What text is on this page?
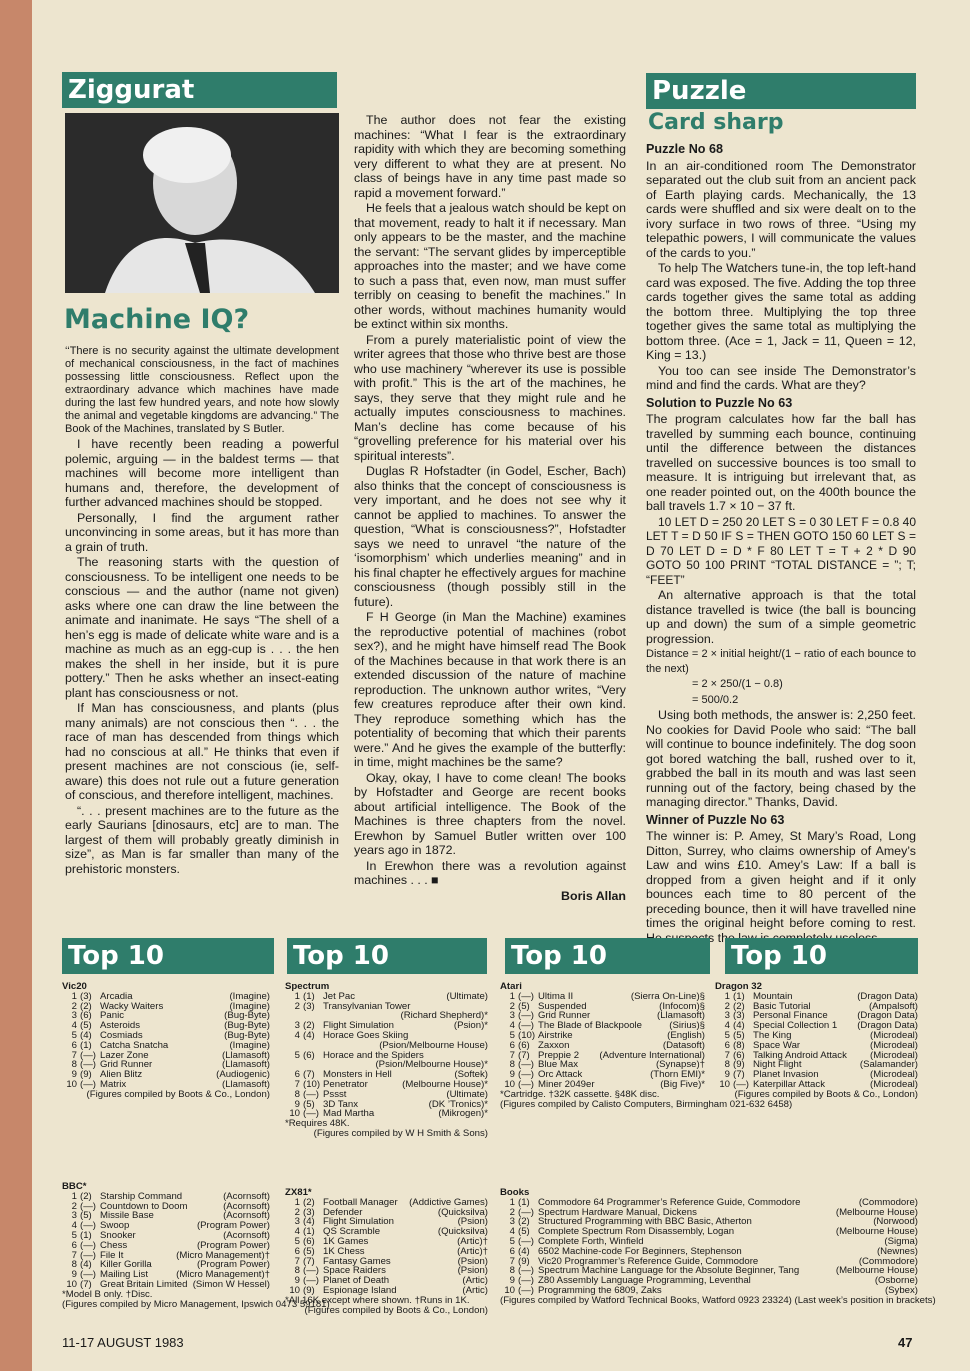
Ziggurat
Machine IQ?

‘‘There is no security against the ultimate development of mechanical consciousness, in the fact of machines possessing little consciousness. Reflect upon the extraordinary advance which machines have made during the last few hundred years, and note how slowly the animal and vegetable kingdoms are advancing.” The Book of the Machines, translated by S Butler.

I have recently been reading a powerful polemic, arguing — in the baldest terms — that machines will become more intelligent than humans and, therefore, the development of further advanced machines should be stopped.

Personally, I find the argument rather unconvincing in some areas, but it has more than a grain of truth.

The reasoning starts with the question of consciousness. To be intelligent one needs to be conscious — and the author (name not given) asks where one can draw the line between the animate and inanimate. He says “The shell of a hen’s egg is made of delicate white ware and is a machine as much as an egg-cup is . . . the hen makes the shell in her inside, but it is pure pottery.” Then he asks whether an insect-eating plant has consciousness or not.

If Man has consciousness, and plants (plus many animals) are not conscious then “. . . the race of man has descended from things which had no conscious at all.” He thinks that even if present machines are not conscious (ie, self-aware) this does not rule out a future generation of conscious, and therefore intelligent, machines.

“. . . present machines are to the future as the early Saurians [dinosaurs, etc] are to man. The largest of them will probably greatly diminish in size”, as Man is far smaller than many of the prehistoric monsters.

The author does not fear the existing machines: “What I fear is the extraordinary rapidity with which they are becoming something very different to what they are at present. No class of beings have in any time past made so rapid a movement forward.”

He feels that a jealous watch should be kept on that movement, ready to halt it if necessary. Man only appears to be the master, and the machine the servant: “The servant glides by imperceptible approaches into the master; and we have come to such a pass that, even now, man must suffer terribly on ceasing to benefit the machines.” In other words, without machines humanity would be extinct within six months.

From a purely materialistic point of view the writer agrees that those who thrive best are those who use machinery “wherever its use is possible with profit.” This is the art of the machines, he says, they serve that they might rule and he actually imputes consciousness to machines. Man’s decline has come because of his “grovelling preference for his material over his spiritual interests”.

Duglas R Hofstadter (in Godel, Escher, Bach) also thinks that the concept of consciousness is very important, and he does not see why it cannot be applied to machines. To answer the question, “What is consciousness?”, Hofstadter says we need to unravel “the nature of the ‘isomorphism’ which underlies meaning” and in his final chapter he effectively argues for machine consciousness (though possibly still in the future).

F H George (in Man the Machine) examines the reproductive potential of machines (robot sex?), and he might have himself read The Book of the Machines because in that work there is an extended discussion of the nature of machine reproduction. The unknown author writes, “Very few creatures reproduce after their own kind. They reproduce something which has the potentiality of becoming that which their parents were.” And he gives the example of the butterfly: in time, might machines be the same?

Okay, okay, I have to come clean! The books by Hofstadter and George are recent books about artificial intelligence. The Book of the Machines is three chapters from the novel. Erewhon by Samuel Butler written over 100 years ago in 1872.

In Erewhon there was a revolution against machines . . . ■

Boris Allan

Puzzle
Card sharp
Puzzle No 68

In an air-conditioned room The Demonstrator separated out the club suit from an ancient pack of Earth playing cards. Mechanically, the 13 cards were shuffled and six were dealt on to the ivory surface in two rows of three. “Using my telepathic powers, I will communicate the values of the cards to you.”

To help The Watchers tune-in, the top left-hand card was exposed. The five. Adding the top three cards together gives the same total as adding the bottom three. Multiplying the top three together gives the same total as multiplying the bottom three. (Ace = 1, Jack = 11, Queen = 12, King = 13.)

You too can see inside The Demonstrator’s mind and find the cards. What are they?

Solution to Puzzle No 63

The program calculates how far the ball has travelled by summing each bounce, continuing until the difference between the distances travelled on successive bounces is too small to measure. It is intriguing but irrelevant that, as one reader pointed out, on the 400th bounce the ball travels 1.7 × 10 − 37 ft.

10 LET D = 250 20 LET S = 0 30 LET F = 0.8 40 LET T = D 50 IF S = THEN GOTO 150 60 LET S = D 70 LET D = D * F 80 LET T = T + 2 * D 90 GOTO 50 100 PRINT “TOTAL DISTANCE = ”; T; “FEET”

An alternative approach is that the total distance travelled is twice (the ball is bouncing up and down) the sum of a simple geometric progression.

Distance = 2 × initial height/(1 − ratio of each bounce to the next)

= 2 × 250/(1 − 0.8)

= 500/0.2

Using both methods, the answer is: 2,250 feet. No cookies for David Poole who said: “The ball will continue to bounce indefinitely. The dog soon got bored watching the ball, rushed over to it, grabbed the ball in its mouth and was last seen running out of the factory, being chased by the managing director.” Thanks, David.

Winner of Puzzle No 63

The winner is: P. Amey, St Mary’s Road, Long Ditton, Surrey, who claims ownership of Amey’s Law and wins £10. Amey’s Law: If a ball is dropped from a given height and if it only bounces each time to 80 percent of the preceding bounce, then it will have travelled nine times the original height before coming to rest.

Top 10	Top 10	Top 10	Top 10
Vic20
1 (3) Arcadia	(Imagine)
2 (2) Wacky Waiters	(Imagine)
3 (6) Panic	(Bug-Byte)
4 (5) Asteroids	(Bug-Byte)
5 (4) Cosmiads	(Bug-Byte)
6 (1) Catcha Snatcha	(Imagine)
7 (—) Lazer Zone	(Llamasoft)
8 (—) Grid Runner	(Llamasoft)
9 (9) Alien Blitz	(Audiogenic)
10 (—) Matrix	(Llamasoft)
(Figures compiled by Boots & Co., London)
Spectrum
1 (1) Jet Pac	(Ultimate)
2 (3) Transylvanian Tower
(Richard Shepherd)*
3 (2) Flight Simulation	(Psion)*
4 (4) Horace Goes Skiing
(Psion/Melbourne House)
5 (6) Horace and the Spiders
(Psion/Melbourne House)*
6 (7) Monsters in Hell	(Softek)
7 (10) Penetrator	(Melbourne House)*
8 (—) Pssst	(Ultimate)
9 (5) 3D Tanx	(DK ’Tronics)*
10 (—) Mad Martha	(Mikrogen)*
*Requires 48K.
(Figures compiled by W H Smith & Sons)
Atari
1 (—) Ultima II	(Sierra On-Line)§
2 (5) Suspended	(Infocom)§
3 (—) Grid Runner	(Llamasoft)
4 (—) The Blade of Blackpoole	(Sirius)§
5 (10) Airstrike	(English)
6 (6) Zaxxon	(Datasoft)
7 (7) Preppie 2	(Adventure International)
8 (—) Blue Max	(Synapse)†
9 (—) Orc Attack	(Thorn EMI)*
10 (—) Miner 2049er	(Big Five)*
*Cartridge. †32K cassette. §48K disc.
(Figures compiled by Calisto Computers, Birmingham 021-632 6458)
Dragon 32
1 (1) Mountain	(Dragon Data)
2 (2) Basic Tutorial	(Ampalsoft)
3 (3) Personal Finance	(Dragon Data)
4 (4) Special Collection 1	(Dragon Data)
5 (5) The King	(Microdeal)
6 (8) Space War	(Microdeal)
7 (6) Talking Android Attack	(Microdeal)
8 (9) Night Flight	(Salamander)
9 (7) Planet Invasion	(Microdeal)
10 (—) Katerpillar Attack	(Microdeal)
(Figures compiled by Boots & Co., London)
BBC*
1 (2) Starship Command	(Acornsoft)
2 (—) Countdown to Doom	(Acornsoft)
3 (5) Missile Base	(Acornsoft)
4 (—) Swoop	(Program Power)
5 (1) Snooker	(Acornsoft)
6 (—) Chess	(Program Power)
7 (—) File It	(Micro Management)†
8 (4) Killer Gorilla	(Program Power)
9 (—) Mailing List	(Micro Management)†
10 (7) Great Britain Limited (Simon W Hessel)
*Model B only. †Disc.
(Figures compiled by Micro Management, Ipswich 0473 59181)
ZX81*
1 (2) Football Manager	(Addictive Games)
2 (3) Defender	(Quicksilva)
3 (4) Flight Simulation	(Psion)
4 (1) QS Scramble	(Quicksilva)
5 (6) 1K Games	(Artic)†
6 (5) 1K Chess	(Artic)†
7 (7) Fantasy Games	(Psion)
8 (—) Space Raiders	(Psion)
9 (—) Planet of Death	(Artic)
10 (9) Espionage Island	(Artic)
*All 16K except where shown. †Runs in 1K.
(Figures compiled by Boots & Co., London)
Books
1 (1) Commodore 64 Programmer’s Reference Guide, Commodore	(Commodore)
2 (—) Spectrum Hardware Manual, Dickens	(Melbourne House)
3 (2) Structured Programming with BBC Basic, Atherton	(Norwood)
4 (5) Complete Spectrum Rom Disassembly, Logan	(Melbourne House)
5 (—) Complete Forth, Winfield	(Sigma)
6 (4) 6502 Machine-code For Beginners, Stephenson	(Newnes)
7 (9) Vic20 Programmer’s Reference Guide, Commodore	(Commodore)
8 (—) Spectrum Machine Language for the Absolute Beginner, Tang	(Melbourne House)
9 (—) Z80 Assembly Language Programming, Leventhal	(Osborne)
10 (—) Programming the 6809, Zaks	(Sybex)
(Figures compiled by Watford Technical Books, Watford 0923 23324) (Last week’s position in brackets)
11-17 AUGUST 1983	47
